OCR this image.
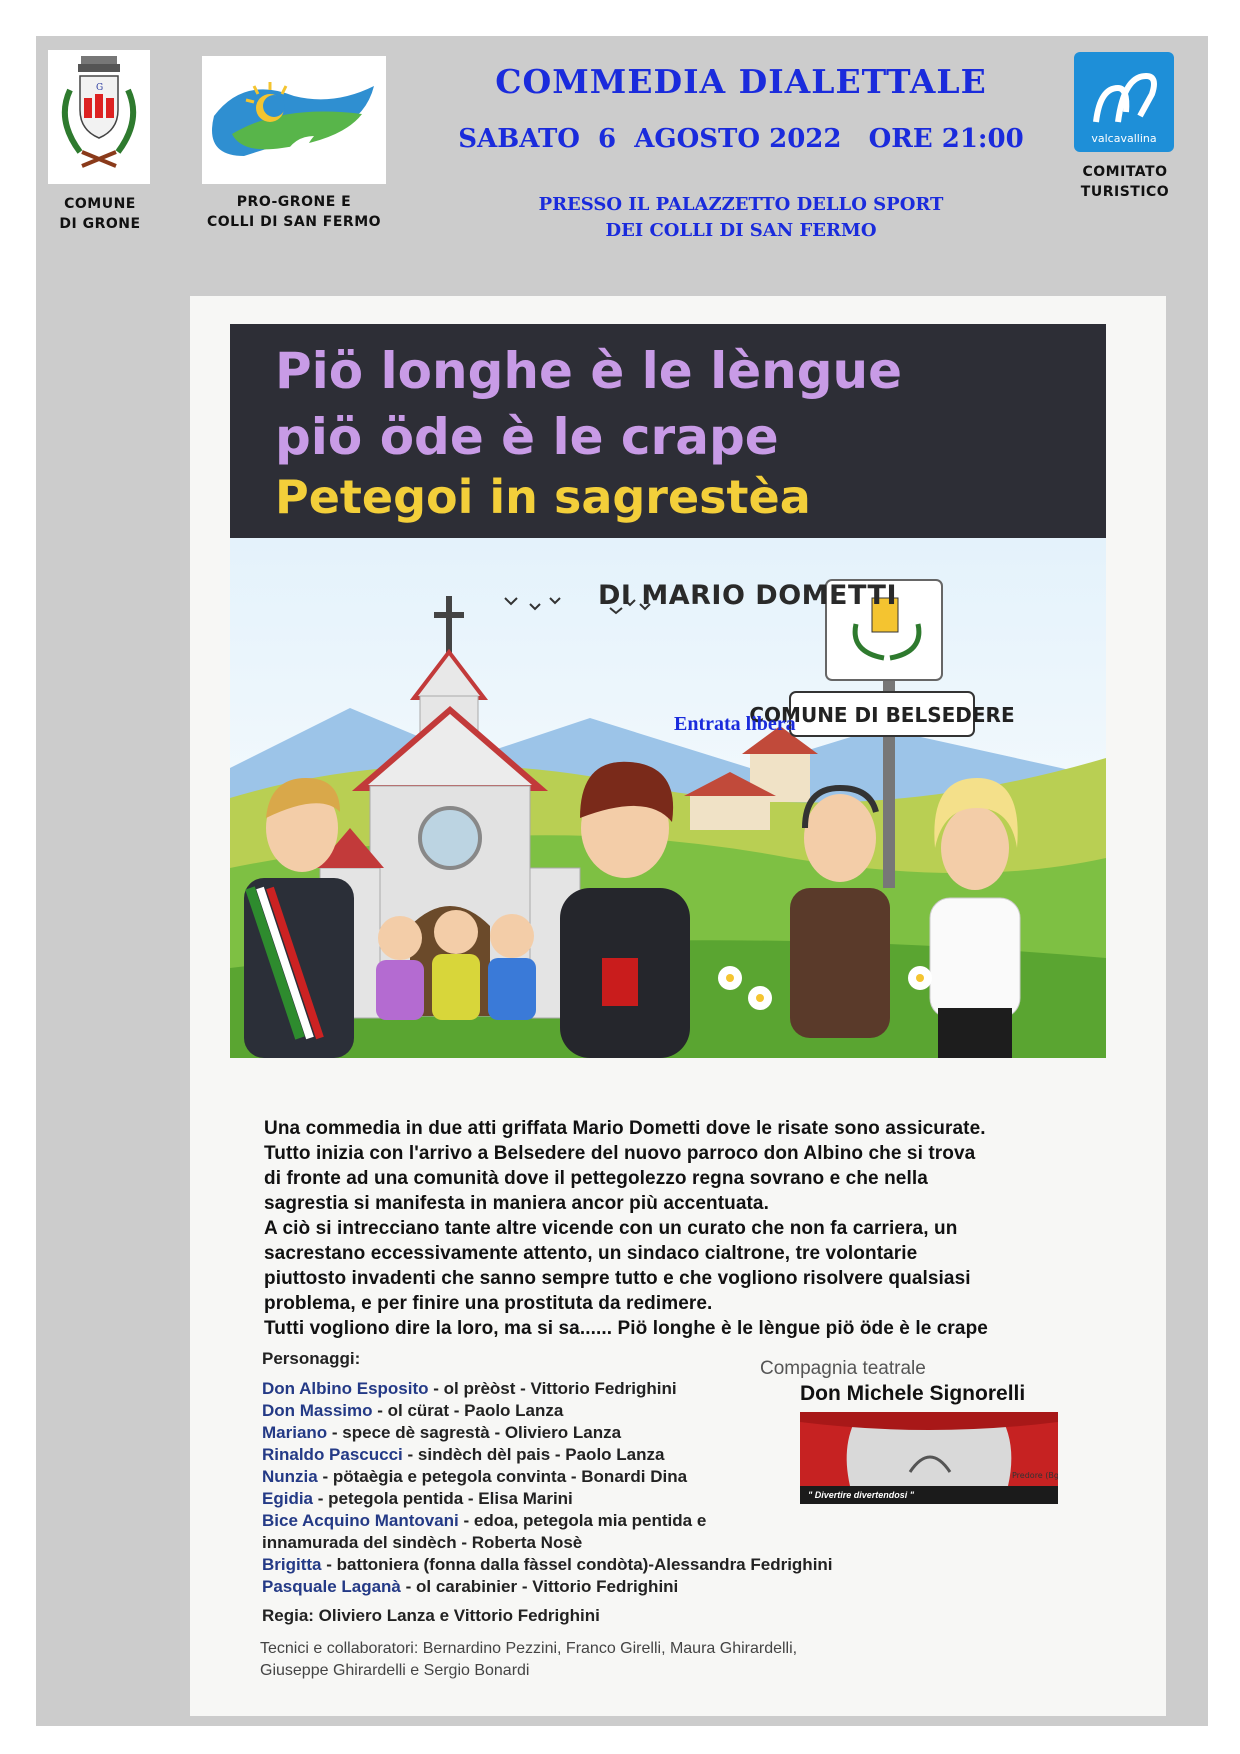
G
COMUNE
DI GRONE
PRO-GRONE E
COLLI DI SAN FERMO
COMMEDIA DIALETTALE
SABATO  6  AGOSTO 2022   ORE 21:00
PRESSO IL PALAZZETTO DELLO SPORT
DEI COLLI DI SAN FERMO
valcavallina
COMITATO
TURISTICO
Piö longhe è le lèngue
piö öde è le crape
Petegoi in sagrestèa
COMUNE DI BELSEDERE
DI MARIO DOMETTI
Entrata libera
Una commedia in due atti griffata Mario Dometti dove le risate sono assicurate.
Tutto inizia con l'arrivo a Belsedere del nuovo parroco don Albino che si trova
di fronte ad una comunità dove il pettegolezzo regna sovrano e che nella
sagrestia si manifesta in maniera ancor più accentuata.
A ciò si intrecciano tante altre vicende con un curato che non fa carriera, un
sacrestano eccessivamente attento, un sindaco cialtrone, tre volontarie
piuttosto invadenti che sanno sempre tutto e che vogliono risolvere qualsiasi
problema, e per finire una prostituta da redimere.
Tutti vogliono dire la loro, ma si sa...... Piö longhe è le lèngue piö öde è le crape
Personaggi:
Don Albino Esposito - ol prèòst - Vittorio Fedrighini
Don Massimo - ol cürat - Paolo Lanza
Mariano - spece dè sagrestà - Oliviero Lanza
Rinaldo Pascucci - sindèch dèl pais - Paolo Lanza
Nunzia - pötaègia e petegola convinta - Bonardi Dina
Egidia - petegola pentida - Elisa Marini
Bice Acquino Mantovani - edoa, petegola mia pentida e
innamurada del sindèch - Roberta Nosè
Brigitta - battoniera (fonna dalla fàssel condòta)-Alessandra Fedrighini
Pasquale Laganà - ol carabinier - Vittorio Fedrighini
Regia: Oliviero Lanza e Vittorio Fedrighini
Tecnici e collaboratori: Bernardino Pezzini, Franco Girelli, Maura Ghirardelli,
Giuseppe Ghirardelli e Sergio Bonardi
Compagnia teatrale
Don Michele Signorelli
Predore (Bg)
" Divertire divertendosi "
